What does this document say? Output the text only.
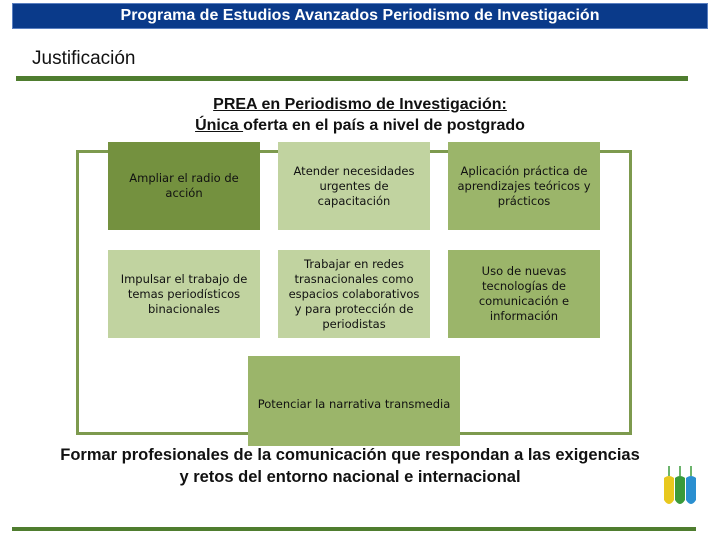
Programa de Estudios Avanzados Periodismo de Investigación
Justificación
PREA en Periodismo de Investigación:
Única oferta en el país a nivel de postgrado
Ampliar el radio de acción
Atender necesidades urgentes de capacitación
Aplicación práctica de aprendizajes teóricos y prácticos
Impulsar el trabajo de temas periodísticos binacionales
Trabajar en redes trasnacionales como espacios colaborativos y para protección de periodistas
Uso de nuevas tecnologías de comunicación e información
Potenciar la narrativa transmedia
Formar profesionales de la comunicación que respondan a las exigencias y retos del entorno nacional e internacional
